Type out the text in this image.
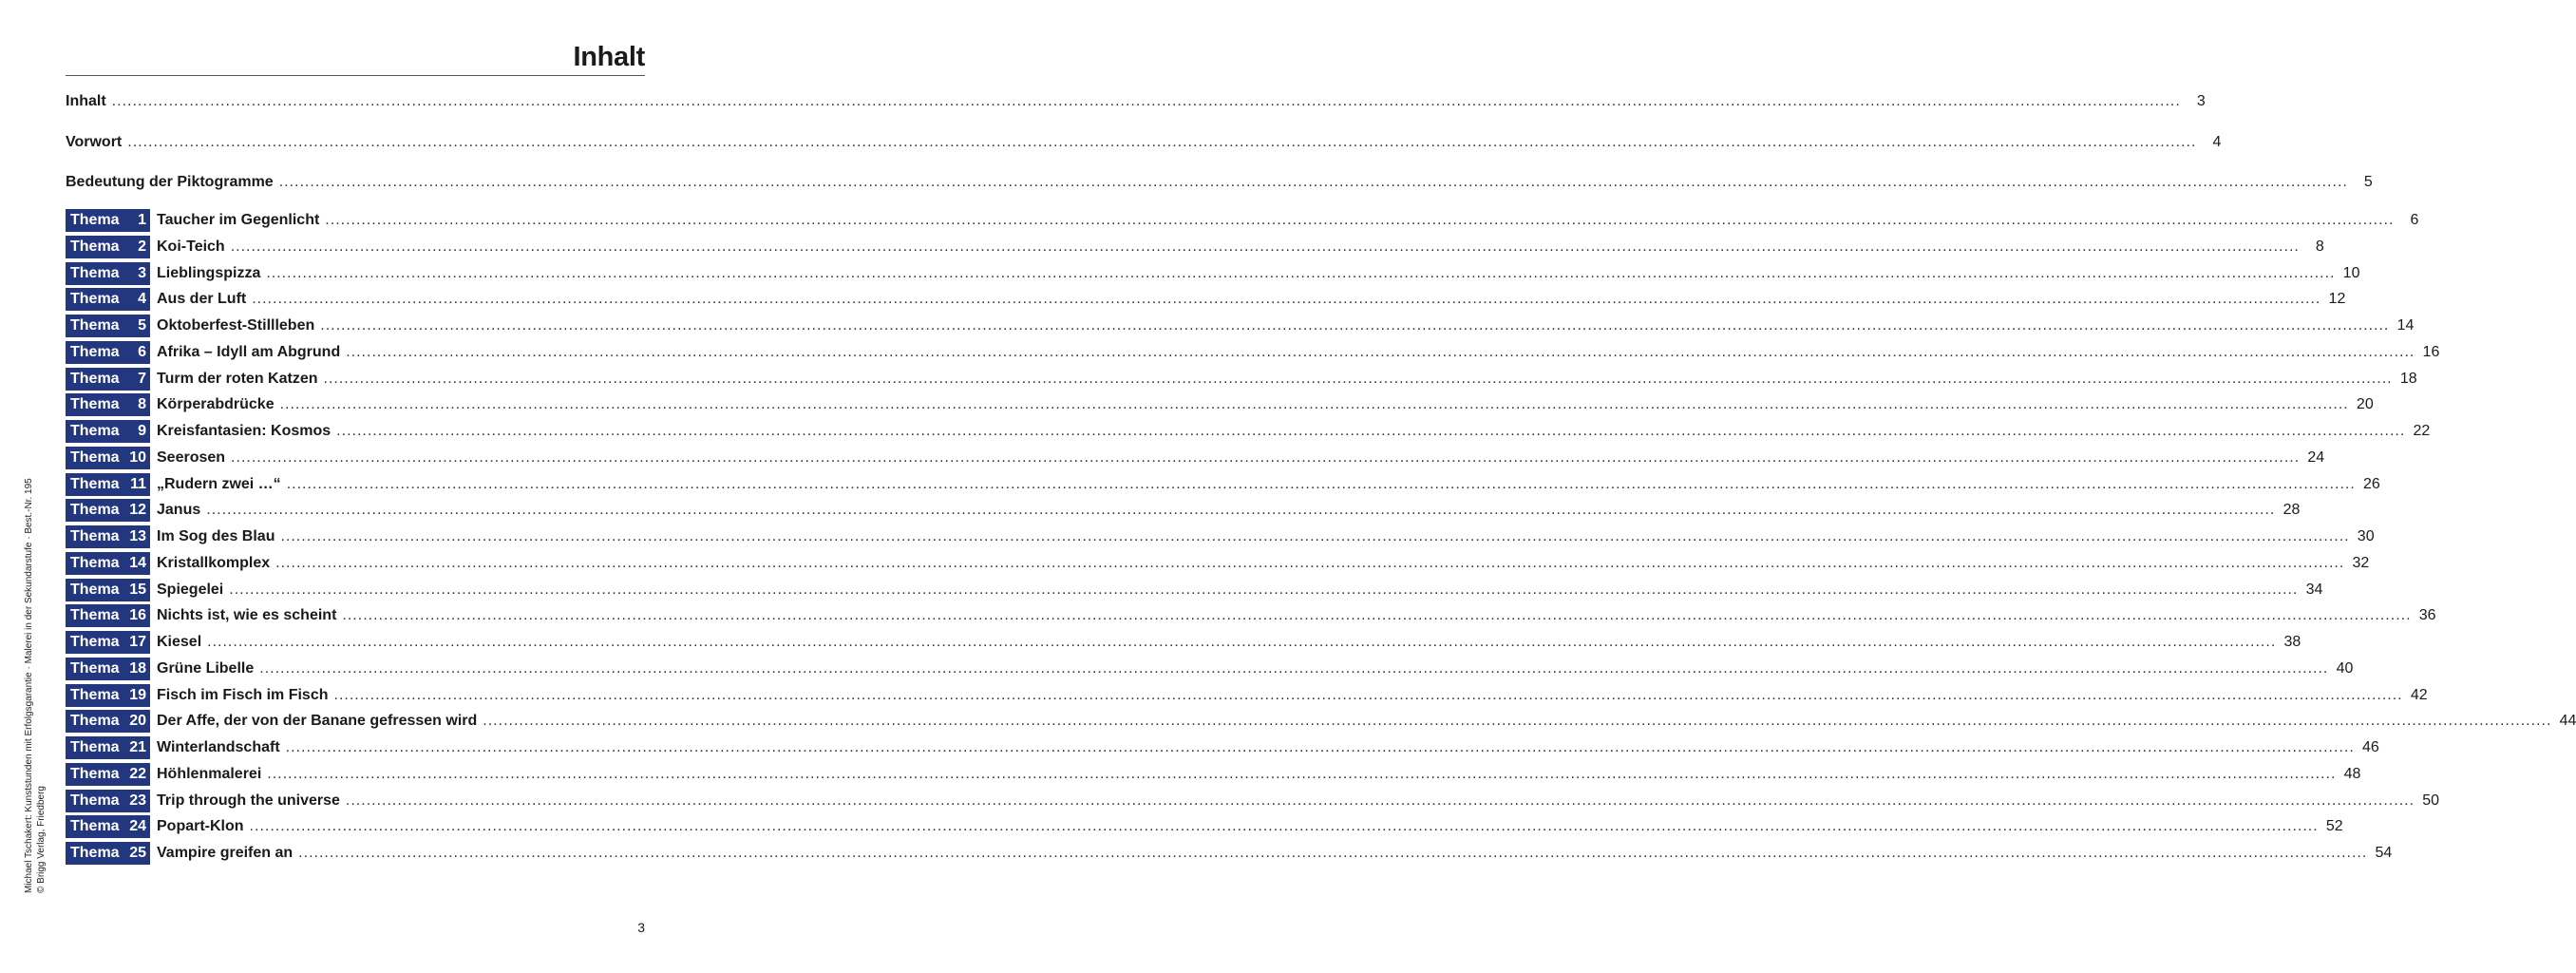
Inhalt
Inhalt ................................................................................................................................................................................................................................................................................................................................................................................................................	3
Vorwort ................................................................................................................................................................................................................................................................................................................................................................................................................	4
Bedeutung der Piktogramme ................................................................................................................................................................................................................................................................................................................................................................................................................	5
Thema	1 Taucher im Gegenlicht ................................................................................................................................................................................................................................................................................................................................................................................................................	6
Thema	2 Koi-Teich ................................................................................................................................................................................................................................................................................................................................................................................................................	8
Thema	3 Lieblingspizza ................................................................................................................................................................................................................................................................................................................................................................................................................ 10
Thema	4 Aus der Luft ................................................................................................................................................................................................................................................................................................................................................................................................................ 12
Thema	5 Oktoberfest-Stillleben ................................................................................................................................................................................................................................................................................................................................................................................................................ 14
Thema	6 Afrika – Idyll am Abgrund ................................................................................................................................................................................................................................................................................................................................................................................................................ 16
Thema	7 Turm der roten Katzen ................................................................................................................................................................................................................................................................................................................................................................................................................ 18
Thema	8 Körperabdrücke ................................................................................................................................................................................................................................................................................................................................................................................................................ 20
Thema	9 Kreisfantasien: Kosmos ................................................................................................................................................................................................................................................................................................................................................................................................................ 22
Thema 10 Seerosen ................................................................................................................................................................................................................................................................................................................................................................................................................ 24
Thema 11 „Rudern zwei …“ ................................................................................................................................................................................................................................................................................................................................................................................................................ 26
Thema 12 Janus ................................................................................................................................................................................................................................................................................................................................................................................................................ 28
Thema 13 Im Sog des Blau ................................................................................................................................................................................................................................................................................................................................................................................................................ 30
Thema 14 Kristallkomplex ................................................................................................................................................................................................................................................................................................................................................................................................................ 32
Thema 15 Spiegelei ................................................................................................................................................................................................................................................................................................................................................................................................................ 34
Thema 16 Nichts ist, wie es scheint ................................................................................................................................................................................................................................................................................................................................................................................................................ 36
Thema 17 Kiesel ................................................................................................................................................................................................................................................................................................................................................................................................................ 38
Thema 18 Grüne Libelle ................................................................................................................................................................................................................................................................................................................................................................................................................ 40
Thema 19 Fisch im Fisch im Fisch ................................................................................................................................................................................................................................................................................................................................................................................................................ 42
Thema 20 Der Affe, der von der Banane gefressen wird ................................................................................................................................................................................................................................................................................................................................................................................................................ 44
Thema 21 Winterlandschaft ................................................................................................................................................................................................................................................................................................................................................................................................................ 46
Thema 22 Höhlenmalerei ................................................................................................................................................................................................................................................................................................................................................................................................................ 48
Thema 23 Trip through the universe ................................................................................................................................................................................................................................................................................................................................................................................................................ 50
Thema 24 Popart-Klon ................................................................................................................................................................................................................................................................................................................................................................................................................ 52
Thema 25 Vampire greifen an ................................................................................................................................................................................................................................................................................................................................................................................................................ 54
Michael Tschakert: Kunststunden mit Erfolgsgarantie · Malerei in der Sekundarstufe · Best.-Nr. 195 © Brigg Verlag, Friedberg
3
